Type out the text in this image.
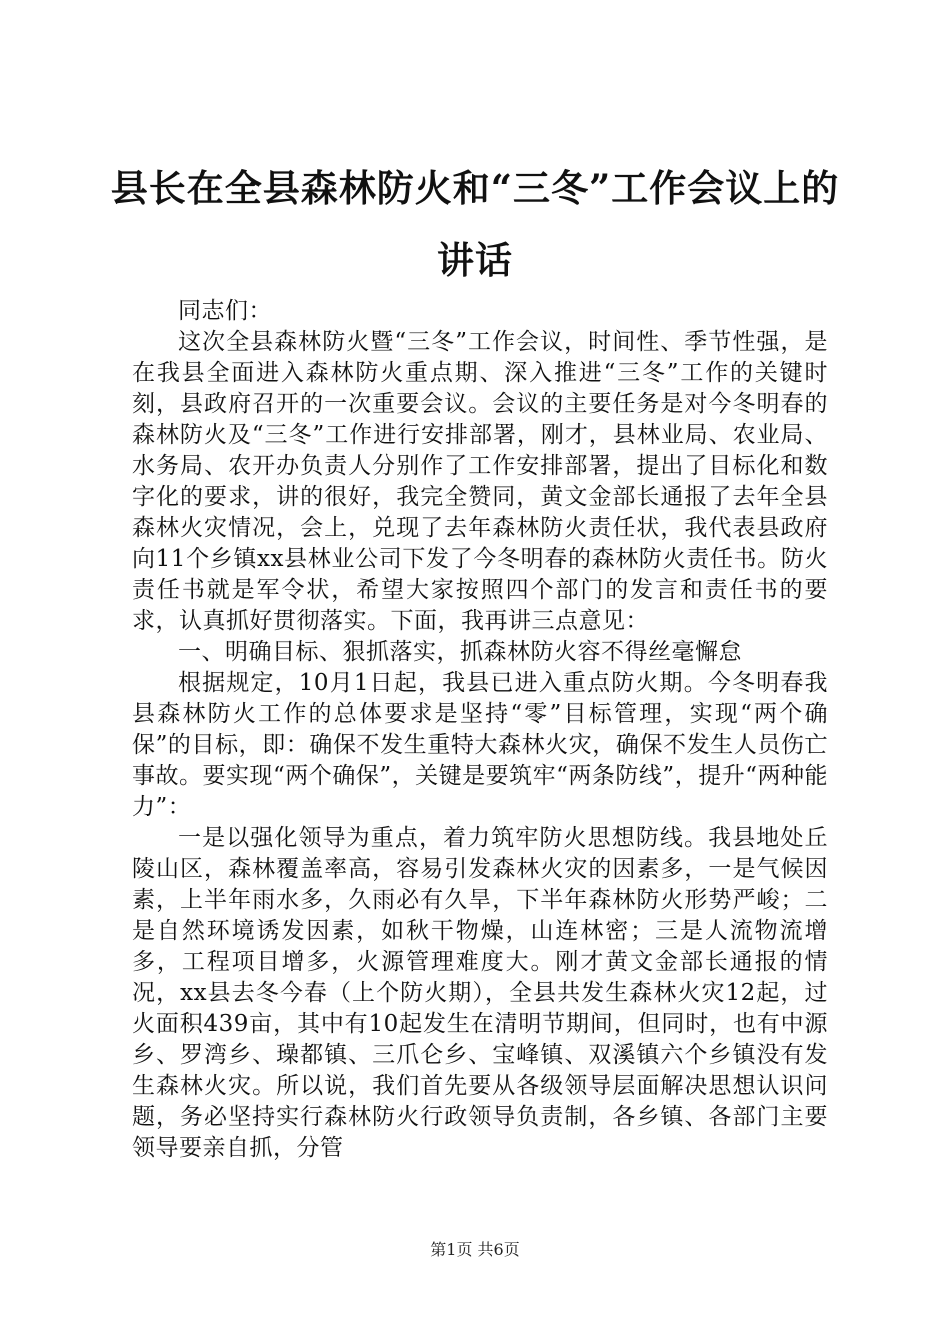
县长在全县森林防火和“三冬”工作会议上的讲话

同志们：

这次全县森林防火暨“三冬”工作会议，时间性、季节性强，是在我县全面进入森林防火重点期、深入推进“三冬”工作的关键时刻，县政府召开的一次重要会议。会议的主要任务是对今冬明春的森林防火及“三冬”工作进行安排部署，刚才，县林业局、农业局、水务局、农开办负责人分别作了工作安排部署，提出了目标化和数字化的要求，讲的很好，我完全赞同，黄文金部长通报了去年全县森林火灾情况，会上，兑现了去年森林防火责任状，我代表县政府向11个乡镇xx县林业公司下发了今冬明春的森林防火责任书。防火责任书就是军令状，希望大家按照四个部门的发言和责任书的要求，认真抓好贯彻落实。下面，我再讲三点意见：

一、明确目标、狠抓落实，抓森林防火容不得丝毫懈怠

根据规定，10月1日起，我县已进入重点防火期。今冬明春我县森林防火工作的总体要求是坚持“零”目标管理，实现“两个确保”的目标，即：确保不发生重特大森林火灾，确保不发生人员伤亡事故。要实现“两个确保”，关键是要筑牢“两条防线”，提升“两种能力”：

一是以强化领导为重点，着力筑牢防火思想防线。我县地处丘陵山区，森林覆盖率高，容易引发森林火灾的因素多，一是气候因素，上半年雨水多，久雨必有久旱，下半年森林防火形势严峻；二是自然环境诱发因素，如秋干物燥，山连林密；三是人流物流增多，工程项目增多，火源管理难度大。刚才黄文金部长通报的情况，xx县去冬今春（上个防火期），全县共发生森林火灾12起，过火面积439亩，其中有10起发生在清明节期间，但同时，也有中源乡、罗湾乡、璪都镇、三爪仑乡、宝峰镇、双溪镇六个乡镇没有发生森林火灾。所以说，我们首先要从各级领导层面解决思想认识问题，务必坚持实行森林防火行政领导负责制，各乡镇、各部门主要领导要亲自抓，分管

第1页 共6页
